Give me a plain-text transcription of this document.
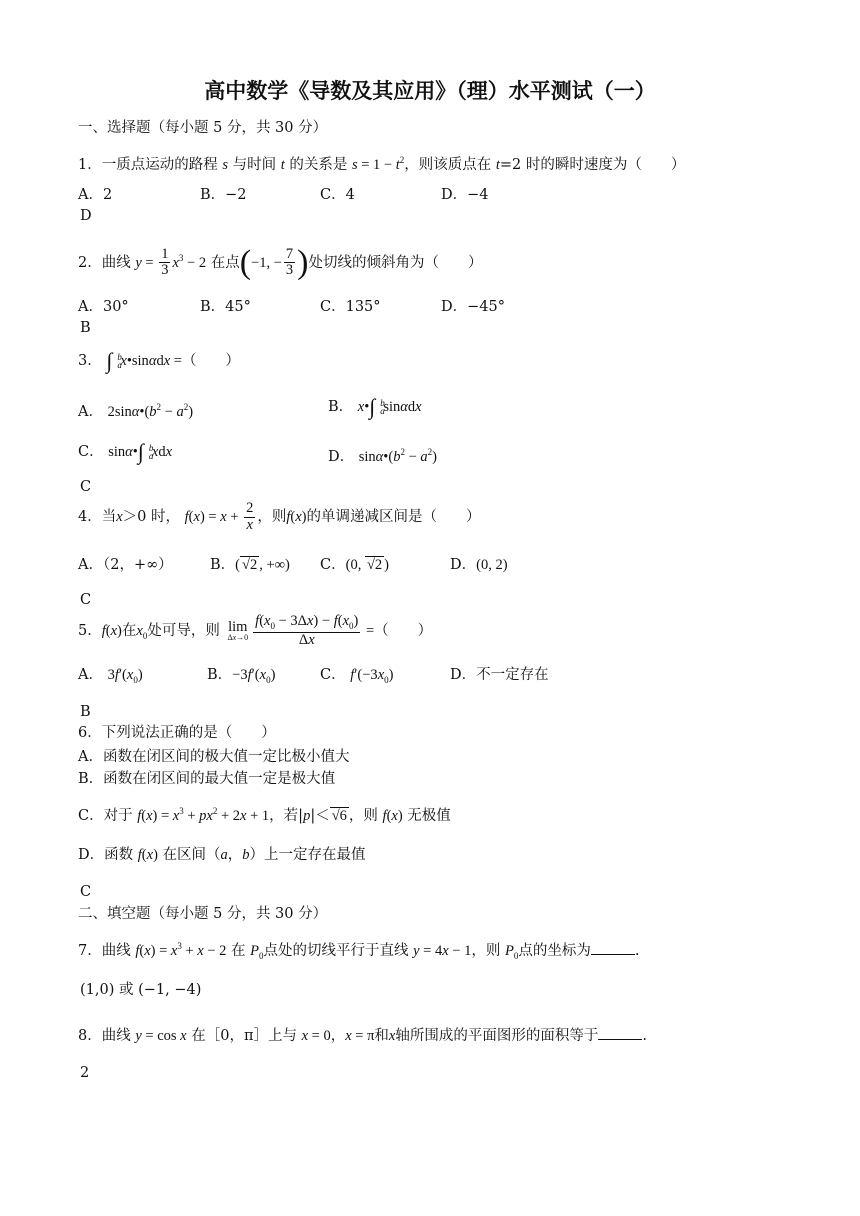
高中数学《导数及其应用》（理）水平测试（一）
一、选择题（每小题 5 分，共 30 分）
1．一质点运动的路程 s 与时间 t 的关系是 $s = 1 - t^2$，则该质点在 t=2 时的瞬时速度为（　　）
A．2	B．−2	C．4	D．−4
D
2．曲线 $y = \frac{1}{3} x^3 - 2$ 在点(−1, − $\frac{7}{3}$ )处切线的倾斜角为（　　）
A．30°	B．45°	C．135°	D．−45°
B
3． ∫ b
a
x•sinαdx =（　　）
A． $2\sin\alpha•(b^2 - a^2)$	B． x•∫ b
a
sinαdx
C． sinα•∫ b
a
xdx	D． $\sin\alpha•(b^2 - a^2)$
C
4．当x＞0 时， $f(x) = x + \frac{2}{x}$ ，则f(x)的单调递减区间是（　　）
A．（2，+∞）	B．( √2 , +∞) C．(0, √2 )	D．(0, 2)
C
5．f(x)在$x_0$处可导，则 lim
$\Delta x\to 0 \frac{f(x_0 - 3\Delta x) - f(x_0)}{\Delta x}$ =（　　）
A． $3f'(x_0)$	B．$-3f'(x_0)$	C． $f'(-3x_0)$	D．不一定存在
B
6．下列说法正确的是（　　）
A．函数在闭区间的极大值一定比极小值大
B．函数在闭区间的最大值一定是极大值
C．对于 $f(x) = x^3 + px^2 + 2x + 1$，若|p|＜ √6 ，则 f(x) 无极值
D．函数 f(x) 在区间（a，b）上一定存在最值
C
二、填空题（每小题 5 分，共 30 分）
7．曲线 $f(x) = x^3 + x - 2$ 在 $P_0$点处的切线平行于直线 y = 4x − 1，则 $P_0$点的坐标为	.
(1,0) 或 (−1, −4)
8．曲线 y = cos x 在［0，π］上与 x = 0，x = π和x轴所围成的平面图形的面积等于	.
2
